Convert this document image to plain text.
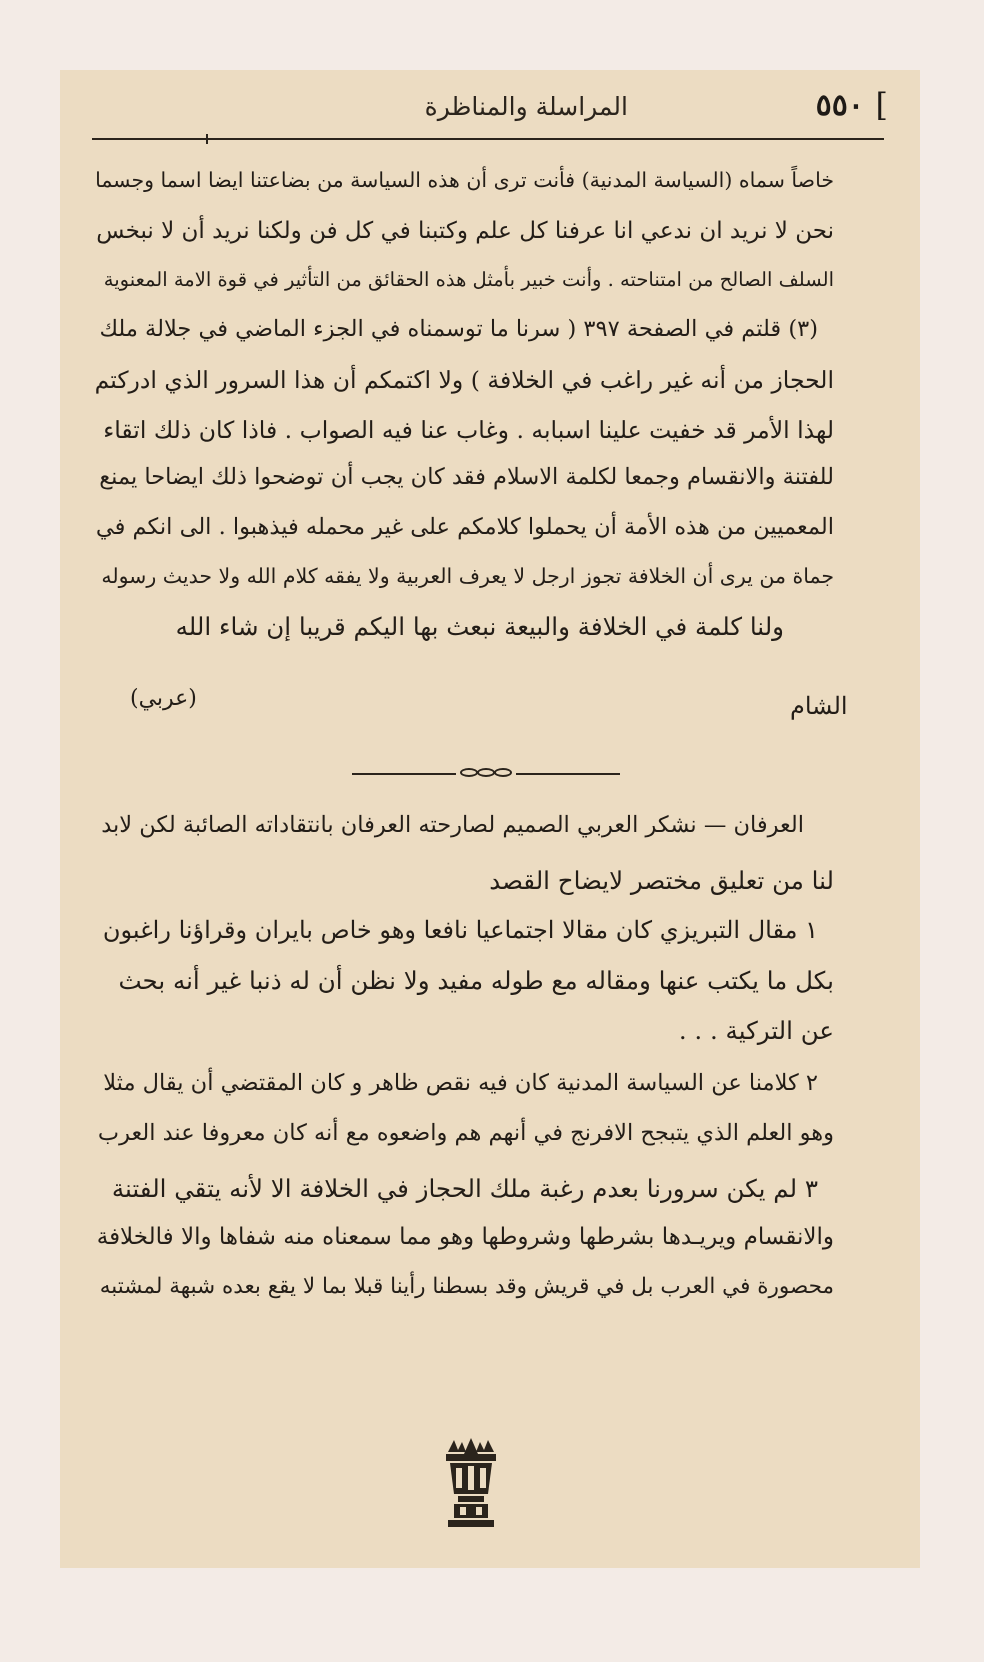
[
٥٥٠
المراسلة والمناظرة
خاصاً سماه (السياسة المدنية) فأنت ترى أن هذه السياسة من بضاعتنا ايضا اسما وجسما
نحن لا نريد ان ندعي انا عرفنا كل علم وكتبنا في كل فن ولكنا نريد أن لا نبخس
السلف الصالح من امتناحته . وأنت خبير بأمثل هذه الحقائق من التأثير في قوة الامة المعنوية
(٣) قلتم في الصفحة ٣٩٧ ( سرنا ما توسمناه في الجزء الماضي في جلالة ملك
الحجاز من أنه غير راغب في الخلافة ) ولا اكتمكم أن هذا السرور الذي ادركتم
لهذا الأمر قد خفيت علينا اسبابه . وغاب عنا فيه الصواب . فاذا كان ذلك اتقاء
للفتنة والانقسام وجمعا لكلمة الاسلام فقد كان يجب أن توضحوا ذلك ايضاحا يمنع
المعميين من هذه الأمة أن يحملوا كلامكم على غير محمله فيذهبوا . الى انكم في
جماة من يرى أن الخلافة تجوز ارجل لا يعرف العربية ولا يفقه كلام الله ولا حديث رسوله
ولنا كلمة في الخلافة والبيعة نبعث بها اليكم قريبا إن شاء الله
الشام
(عربي)
العرفان — نشكر العربي الصميم لصارحته العرفان بانتقاداته الصائبة لكن لابد
لنا من تعليق مختصر لايضاح القصد
١ مقال التبريزي كان مقالا اجتماعيا نافعا وهو خاص بايران وقراؤنا راغبون
بكل ما يكتب عنها ومقاله مع طوله مفيد ولا نظن أن له ذنبا غير أنه بحث
عن التركية . . .
٢ كلامنا عن السياسة المدنية كان فيه نقص ظاهر و كان المقتضي أن يقال مثلا
وهو العلم الذي يتبجح الافرنج في أنهم هم واضعوه مع أنه كان معروفا عند العرب
٣ لم يكن سرورنا بعدم رغبة ملك الحجاز في الخلافة الا لأنه يتقي الفتنة
والانقسام ويريـدها بشرطها وشروطها وهو مما سمعناه منه شفاها والا فالخلافة
محصورة في العرب بل في قريش وقد بسطنا رأينا قبلا بما لا يقع بعده شبهة لمشتبه
